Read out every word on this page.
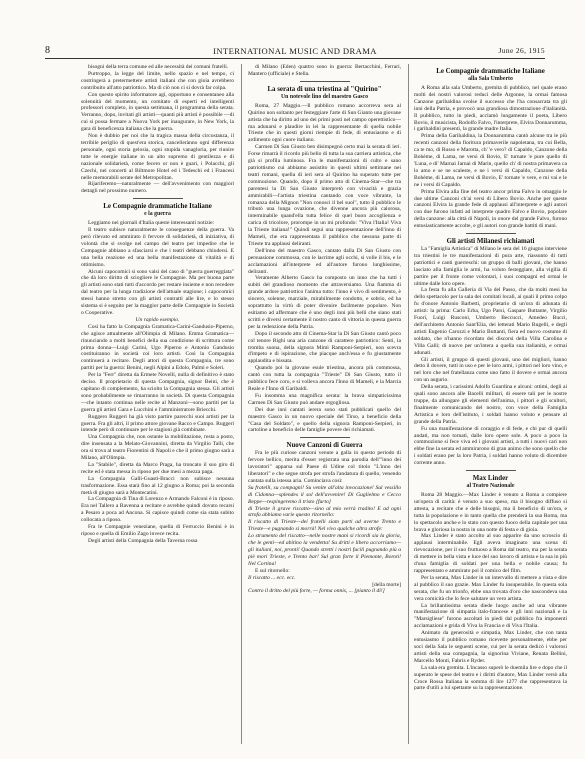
8	INTERNATIONAL MUSIC AND DRAMA	June 26, 1915

bisogni della terra comune ed alle necessità dei comuni fratelli.

Purtroppo, la legge del limite, nello spazio e nel tempo, ci costringerà a pretermettere artisti italiani che con gioia avrebbero contribuito all'atto patriottico. Ma di ciò non ci si dovrà far colpa.

Con questo spirito informatore agì, opportuno e consentaneo alla solennità del momento, un comitato di esperti ed intelligenti professori completo, in questa settimana, il programma della serata. Verranno, dopo, invitati gli artisti—quanti più artisti è possibile —di cui si possa fermare a Nuova York per inaugurare, in New York, la gara di beneficenza italiana che la guerra.

Non è dubbio per noi che la tragica massa della circostanza, il terribile periglio di quest'era storica, cancellerànno ogni differenza personale, ogni storia gelosia, ogni stupida vanagloria, per riunire tutte le energie italiane in un alto supremo di gentilezza e di nazionale solidarietà, come fecero or non è guari, i Polacchi, gli Czechi, nei concerti al Biltmore Hotel ed i Tedeschi ed i Francesi nelle memorabili serate del Metropolitan.

Rijariferemo—naturalmente — dell'avvenimento con maggiori dettagli nel prossimo numero.

Le Compagnie drammatiche Italiane
e la guerra

Leggiamo nei giornali d'Italia queste interessanti notizie:

Il teatro subisce naturalmente le conseguenze della guerra. Va però rilevato ed ammirato il fervore di solidarietà, di iniziativa, di volontà che si svolge nel campo del teatro per impedire che le Compagnie abbiano a sfasciarsi e che i teatri debbano chiudersi. E una bella reazione ed una bella manifestazione di vitalità e di ottimismo.

Alcuni capocomici si sono valsi del caso di "guerra guerreggiata" che dà loro diritto di sciogliere le Compagnie. Ma per buona parte gli artisti sono stati tutti d'accordo per restare insieme e non recedere dal teatro per la lunga tradizione dell'attuale stagione; i capocomici stessi hanno stretto con gli artisti contratti alle lire, e lo stesso sistema si è seguito per la maggior parte delle Compagnie in Società o Cooperative.

Un rapido esempio.

Così ha fatto la Compagnia Gramatica-Carini-Gandusio-Piperno, che agisce attualmente all'Olimpia di Milano. Emma Gramatica—rinunciando a molti benefici della sua condizione di scrittura come prima donna—Luigi Carini, Ugo Piperno e Antonio Gandusio costituiranno in società coi loro artisti. Così la Compagnia continuerà a recitare. Degli attori di questa Compagnia, tre sono partiti per la guerra: Benini, negli Alpini a Edolo, Palmi e Soleri.

Per la "Ferr" diretta da Ermete Novelli, nulla di definitivo è stato deciso. Il proprietario di questa Compagnia, signor Beini, che è capitano di complemento, ha sciolto la Compagnia stessa. Gli artisti sono probabilmente se rimarranno in società. Di questa Compagnia—che intanto continua nelle recite al Manzoni—sono partiti per la guerra gli artisti Gara e Lucchini e l'amministratore Briecchi.

Ruggero Ruggeri ha già visto partire parecchi suoi artisti per la guerra. Fra gli altri, il primo attore giovane Racco e Campo. Ruggeri intende però di continuare per le stagioni già combinate.

Una Compagnia che, non ostante la mobilitazione, resta a posto, dire insensata a la Melato-Giovannini, diretta da Virgilio Talli, che ora si trova al teatro Fiorentini di Napoli e che il primo giugno sarà a Milano, all'Olimpia.

La "Stabile", diretta da Marco Praga, ha troncato il suo giro di recite ed è stata messa in riposo per due mesi a mezza paga.

La Compagnia Galli-Guasti-Bracci non subisce nessuna trasformazione. Essa starà fino al 12 giugno a Roma; poi la seconda metà di giugno sarà a Montecatini.

La Compagnia di Tina di Lorenzo e Armando Falconi è in riposo. Era nel Tallero a Ravenna a recitare e avrebbe quindi dovuto recarsi a Pesaro a poca ad Ancona. Si capisce quindi come sia stata subito collocata a riposo.

Fra le Compagnie veneziane, quella di Ferruccio Benini è in riposo e quella di Emilio Zago invece recita.

Degli artisti della Compagnia della Taverna rossa

di Milano (Eden) quattro sono in guerra: Bertacchini, Ferrari, Mantero (ufficiale) e Stella.

La serata di una triestina al "Quirino"
Un notevole lino del maestro Gasco

Roma, 27 Maggio.—Il pubblico romano accorreva sera al Quirino non soltanto per festeggiare l'arte di Sun Gianto una giovane artista che ha diritto ad uno dei primi posti nel campo operettistico—ma adunarsi e plaudire in lei la rappresentante di quella nobile Trieste che in questi giorni riempie di fede, di entusiasmo e di ardimento ogni cuore italiano.

Carmen Di San Giusto ben disimpegnò certo mai la serata di ieri. Forse rimarrà il ricordo più bello di tutta la sua carriera artistica, che già si profila luminosa. Fra le manifestazioni di culto e sano patriottismo cui abbiamo assistito in questi ultimi settimane nei teatri romani, quella di ieri sera al Quirino ha superato tutte per commozione. Quando, dopo il primo atto di Cinema-Star—che tra parentesi la Di San Giusto interpretò con vivacità e grazia ammirabili—l'artista triestina cantando con voce vibrante, la romanza della Mignon "Non conosci il bel suol", tutto il pubblico le tributò una lunga ovazione, che divenne ancora più calorosa, interminabile quand'ella tutta felice di quel buon accoglienza e carica di tricolore, prorompe in un mi profondo: "Viva l'Italia! Viva la Trieste italiana!" Quindi seguì una rappresentazione dell'inno di Mameli, che era rappresentata il pubblico che nessuna parte di Trieste tra applausi deliranti.

Dell'inno del maestro Gasco, cantato dalla Di San Giusto con persuasione commossa, con le lacrime agli occhi, si volle il bis, e le acclamazioni all'interprete ed all'autore furono lunghissime, deliranti.

Veramente Alberto Gasco ha composto un inno che ha tutti i subiti del grandioso momento che attraversiamo. Una fiamma di grande ardore patriottico l'anima tutto: l'inno è vivo di sentimento, è sincero, solenne, marziale, mirabilmente condotto, e sobrio, ed ha soprattutto la virtù di poter divenire facilmente popolare. Non esitiamo ad affermare che è uno degli inni più belli che siano stati scritti e diversi certamente il nostro canto di vittoria in questa guerra per la redenzione della Patria.

Dopo il secondo atto di Cinema-Star la Di San Giusto cantò poco col tenore Righi una aria canzone di carattere patriottico: Senti, la tromba suona, della signora Mimì Ramponi-Serpieri, non scevra d'impeto e di ispirazione, che piacque anch'essa e fu giustamente applaudita e bissata.

Quando poi la giovane esule triestina, ancora più commossa, cantò con tutta la compagnia "Trieste" Di San Giusto, tutto il pubblico fece coro, e si volleva ancora l'Inno di Mameli, e la Marcia Reale e l'Inno di Garibaldi.

Fu insomma una magnifica serata: la brava simpaticissima Carmen Di San Giusto può andare orgogliosa.

Dei due inni cantati ierera sono stati pubblicati quello del maestro Gasco in un nuovo speciale del Tirso, a beneficio della "Casa del Soldato", e quello della signora Ramponi-Serpieri, in cartoline a beneficio delle famiglie povere dei richiamati.

Nuove Canzoni di Guerra

Fra le più curiose canzoni venute a galla in questo periodo di fervore bellico, merita d'esser registrata una parodia dell'"inno dei lavoratori" apparsa sul Paese di Udine col titolo "L'inno dei liberatori" e che segue strofa per strofa l'andatura di quello, venendo cantata sulla istessa aria. Cominciava così:

Su fratelli, su compagni! Su venite all'alta invocazione! Sul vessillo di Cidonna—splendes il sol dell'avvenire! Di Guglielmo e Cecco Beppe—respingeremo il tristo [furto]

di Trieste il grave riscatto—sino al mio verrà tradito! E ad ogni strofa abbiamo varie questo ritornello:

Il riscatto di Trieste—dei fratelli siam parti ad averne Trento e Trieste—e pugnando si morrà! Nel vivo qualche altra strofe:

Lo strumento del riscatto—nelle nostre mani si ricordi sia la gloria, che le genti—ed abitino la vendetta! Su dritti e libero accorriamo—gli italiani, noi, pronti! Quando stretti i nostri fucili pugnando più a piè mori Trieste, e Trento bar! Sul gran forte il Piemonte, Boroti! Nel Cortina!

E sul ritornello:

Il riscatto ... ecc. ecc.

[della morte]

Contro il dritto del più forte, — forma onnis, ... [pianto il di!]

Le Compagnie drammatiche Italiane
alla Sala Umberto

A Roma alla sala Umberto, gremita di pubblico, nel quale erano molti dei nostri valorosi reduci delle Argonne, la ormai famosa Canzone garibaldina svolse il successo che l'ha consacrata tra gli inni della Patria, e provocò una grandiosa dimostrazione d'italianità. Il pubblico, tutto in piedi, acclamò lungamente il poeta, Libero Bovio, il musicista, Rodolfo Falvo, l'interprete, Elvira Donnarumma, i garibaldini presenti, la grande madre Italia.

Prima della Garibaldina, la Donnarumma cantò alcune tra le più recenti canzoni della fioritura primaverile napoletana, tra cui Bella, ca te mo, di Russo e Marotta, ch' 'e vero? di Capaldo, Canzone della Bohème, di Lama, ne versi di Bovio, E' turnate 'e pure quello di 'Luna, e di' Marnai Jarnai di Marin, quello ch' di nostra primavera ca lo amo e se ne scaleste, e ne i versi di Capaldo, Canzone della Bohème, di Lama, ne versi di Bovio, E' tornate 'e vere, e mi vai e le ne i versi di Capaldo.

Prima Elvira alla fine del teatro ancor prima Falvo in omaggio le due ultime Canzoni ch'ai versi di Libero Bovio. Anche per queste canzoni Elvira la grande fede di applausi all'interprete e agli autori con due furono infatti ad interprete quadro Falvo e Bovio, popolare della canzone: alla città di Napoli, in onore del grande Falvo, furono entusiasticamente accolte, e gli autori con grande battiti di mani.

Gli artisti Milanesi richiamati

La "Famiglia Artistica" di Milano le sera del 16 giugno interviene tra triestini le tre manifestazioni di pura arte, riassunto di tutti patriottici e canti guerreschi: un gruppo di balli giovani, che hanno lasciato alla famiglia le armi, ha voluto festeggiare, alla vigilia di partire per il fronte come volontari, i suoi compagni ed ormai le ultime dalle loro opere.

La festa fu alla Galleria di Via del Passo, che da molti mesi ha dello spettacolo per la sala dei comitati locali, ai quali il primo colpo fu d'onore Antonio Barbetti, proprietario di un'ora di adunata di artisti: la prima: Carlo Erba, Ugo Parsi, Gaspare Buttante, Virgilio Fuori, Luigi Rusconi, Umberto Beccucci, Amedeo Bucci, dell'architetto Antonio Sant'Elia, dei letterati Mario Bugelli, e degli artisti Eugenio Carozzi e Mario Buttanti, fiera ed nuovo costume di soldato, che n'hanno ricordato dei discorsi della Villa Carolina e Villa Galli; di nuovo per un'intera a quella sua italianità, e ormai adunati.

Gli artisti, il gruppo di questi giovani, uno dei migliori, hanno detto il dovere, tutti in uso e per le loro armi, i pittori nel loro vino, e nel loro che nel fratellanza come uno fatto il dovere e ormai ancora con un augurio.

Della serata, i carissimi Adolfo Guardina e alcuni: ottimi, degli ai quali sono ancora alle Bacelli militari, di essere tali per le nostre truppe, da allungare gli elementi dell'anima, i pittori e gli scultori, finalmente comunicando del nostro, con voce della Famiglia Artistica e loro dell'istituto, i soldati hanno voluto e pensare al grande della Patria.

Fu una manifestazione di coraggio e di fede, e chi pur di quelli andati, ma non tornati, dalle loro opere sole. A poco a poco la commozione si fece viva ed i giovani artisti, a tutti i nuovi cari non ebbe fine la serata ed ammirarono di gran animo che sono quello che i soldati erano per la loro Patria, i soldati hanno voluto di dicembre corrente anno.

Max Linder
al Teatro Nazionale

Roma 28 Maggio.—Max Linder è venuto a Roma a compiere un'opera di carità: è venuto a suo speso, ma il bisogno diffuso si attesta, a recitare che e delle bisogni, ma il beneficio di un'ora, e tutta la popolazione e in tanto quella che prenderà la sua Roma, ma lo spettacolo anche e lo stato con questo fuoco della capitale per una brava e gloriosa la nostra in una notte di festa e di gioia.

Max Linder è stato accolto al suo apparire da uno scroscio di applausi interminabile. Egli aveva imaginato una scena di rievocazione, per il suo fruttuoso a Roma dal teatro, ma per la serata di mettere in bella vista e luce del suo lavoro di artista e la sua in più d'una famiglia di soldati per una bella e nobile causa; fu rappresentato e ammirato poi il comico del film.

Per la serata, Max Linder in un intervallo di mettere a vista e dire al pubblico il suo grazie. Max Linder fu insuperabile. In questa sola serata, che fu un trionfo, ebbe una trovata d'oro che nascondeva una vera comicità che lo fece salutare un vero artista.

La brillantissima serata diede luogo anche ad una vibrante manifestazione di simpatia italo-francese e gli inni nazionali e la "Marsigliese" furono ascoltati in piedi dal pubblico fra imponenti acclamazioni e grida di Viva la Francia e di Viva l'Italia.

Animato da generosità e simpatia, Max Linder, che con tanta entusiasmo il pubblico romano ricevette personalmente, ebbe per soci della Sala le seguenti scene, cui per la serata dedicò i valorosi artisti della sua compagnia, la signorina Viviane, Renata Bellini, Marcello Monti, Fabris e Ryder.

La sala era gremita. L'incasso superò le duemila lire e dopo che il superato le spese del teatro e i diritti d'autore, Max Linder versò alla Croce Rossa Italiana la somma di lire 1277 che rappresentava la parte d'utili a lui spettante su la rappresentazione.
